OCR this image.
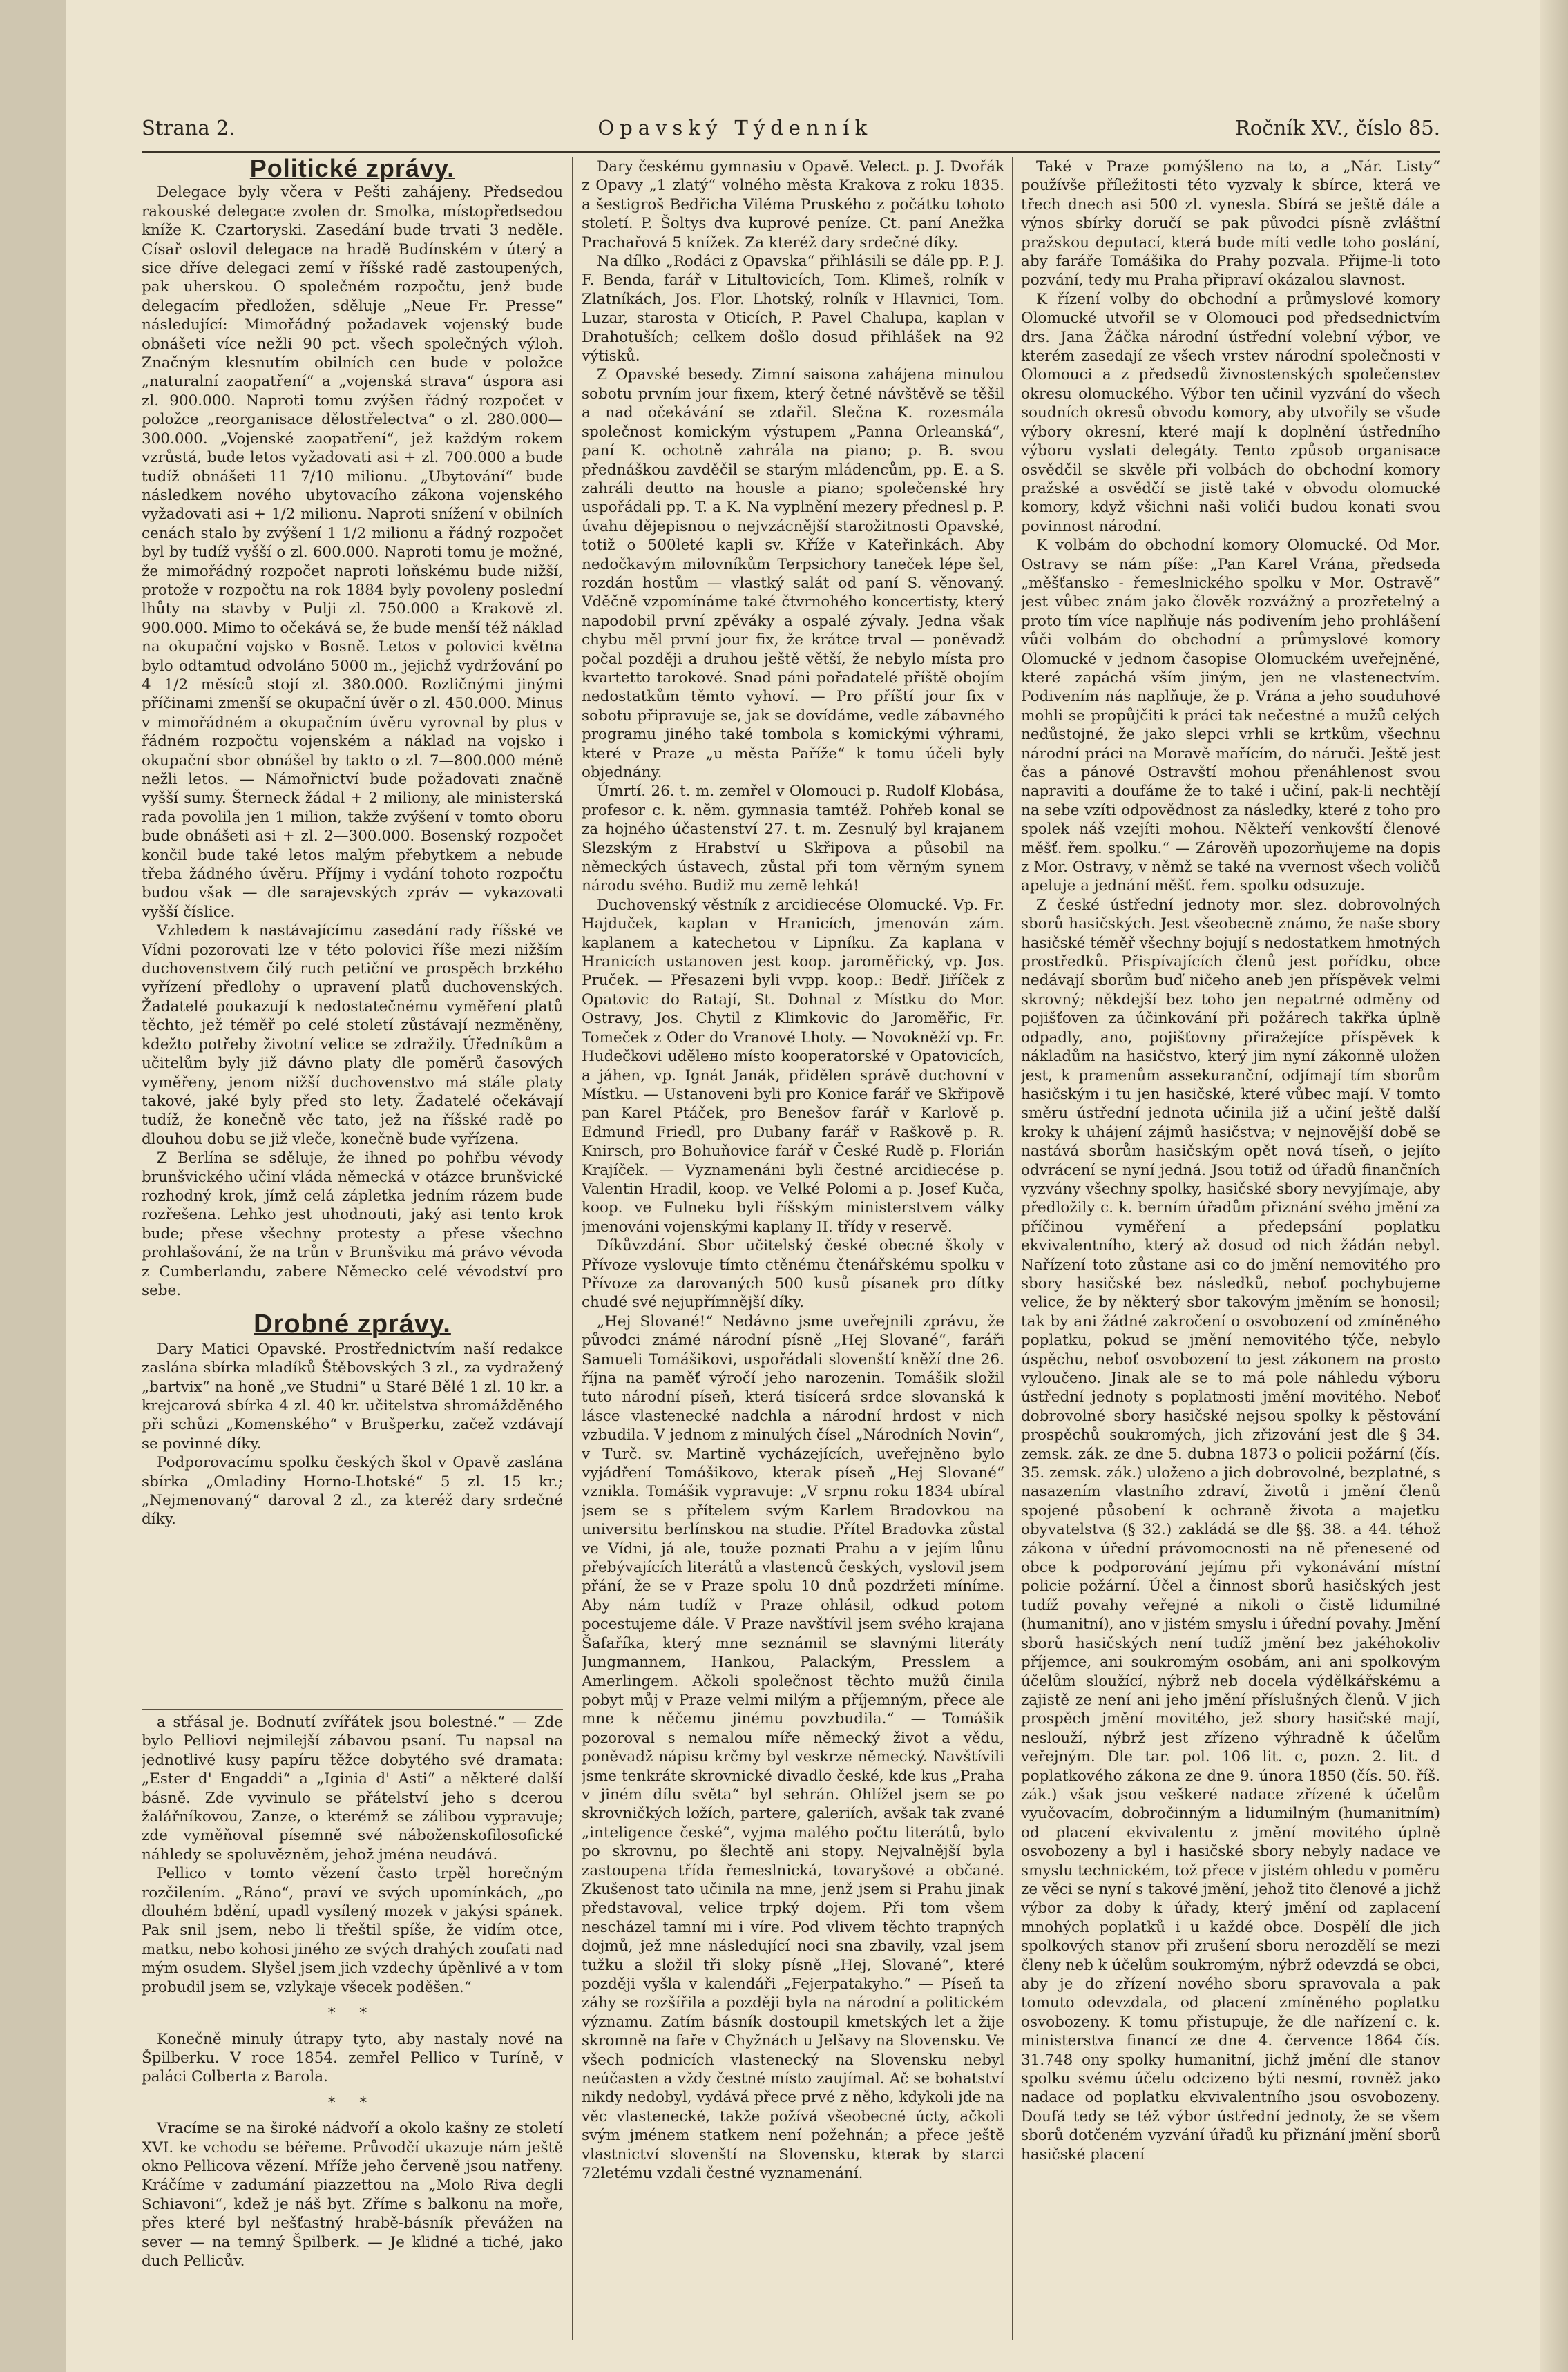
Strana 2.	Opavský Týdenník	Ročník XV., číslo 85.
Politické zprávy.

Delegace byly včera v Pešti zahájeny. Předsedou rakouské delegace zvolen dr. Smolka, místopředsedou kníže K. Czartoryski. Zasedání bude trvati 3 neděle. Císař oslovil delegace na hradě Budínském v úterý a sice dříve delegaci zemí v říšské radě zastoupených, pak uherskou. O společném rozpočtu, jenž bude delegacím předložen, sděluje „Neue Fr. Presse“ následující: Mimořádný požadavek vojenský bude obnášeti více nežli 90 pct. všech společných výloh. Značným klesnutím obilních cen bude v položce „naturalní zaopatření“ a „vojenská strava“ úspora asi zl. 900.000. Naproti tomu zvýšen řádný rozpočet v položce „reorganisace dělostřelectva“ o zl. 280.000—300.000. „Vojenské zaopatření“, jež každým rokem vzrůstá, bude letos vyžadovati asi + zl. 700.000 a bude tudíž obnášeti 11 7/10 milionu. „Ubytování“ bude následkem nového ubytovacího zákona vojenského vyžadovati asi + 1/2 milionu. Naproti snížení v obilních cenách stalo by zvýšení 1 1/2 milionu a řádný rozpočet byl by tudíž vyšší o zl. 600.000. Naproti tomu je možné, že mimořádný rozpočet naproti loňskému bude nižší, protože v rozpočtu na rok 1884 byly povoleny poslední lhůty na stavby v Pulji zl. 750.000 a Krakově zl. 900.000. Mimo to očekává se, že bude menší též náklad na okupační vojsko v Bosně. Letos v polovici května bylo odtamtud odvoláno 5000 m., jejichž vydržování po 4 1/2 měsíců stojí zl. 380.000. Rozličnými jinými příčinami zmenší se okupační úvěr o zl. 450.000. Minus v mimořádném a okupačním úvěru vyrovnal by plus v řádném rozpočtu vojenském a náklad na vojsko i okupační sbor obnášel by takto o zl. 7—800.000 méně nežli letos. — Námořnictví bude požadovati značně vyšší sumy. Šterneck žádal + 2 miliony, ale ministerská rada povolila jen 1 milion, takže zvýšení v tomto oboru bude obnášeti asi + zl. 2—300.000. Bosenský rozpočet končil bude také letos malým přebytkem a nebude třeba žádného úvěru. Příjmy i vydání tohoto rozpočtu budou však — dle sarajevských zpráv — vykazovati vyšší číslice.

Vzhledem k nastávajícímu zasedání rady říšské ve Vídni pozorovati lze v této polovici říše mezi nižším duchovenstvem čilý ruch petiční ve prospěch brzkého vyřízení předlohy o upravení platů duchovenských. Žadatelé poukazují k nedostatečnému vyměření platů těchto, jež téměř po celé století zůstávají nezměněny, kdežto potřeby životní velice se zdražily. Úředníkům a učitelům byly již dávno platy dle poměrů časových vyměřeny, jenom nižší duchovenstvo má stále platy takové, jaké byly před sto lety. Žadatelé očekávají tudíž, že konečně věc tato, jež na říšské radě po dlouhou dobu se již vleče, konečně bude vyřízena.

Z Berlína se sděluje, že ihned po pohřbu vévody brunšvického učiní vláda německá v otázce brunšvické rozhodný krok, jímž celá zápletka jedním rázem bude rozřešena. Lehko jest uhodnouti, jaký asi tento krok bude; přese všechny protesty a přese všechno prohlašování, že na trůn v Brunšviku má právo vévoda z Cumberlandu, zabere Německo celé vévodství pro sebe.

Drobné zprávy.

Dary Matici Opavské. Prostřednictvím naší redakce zaslána sbírka mladíků Štěbovských 3 zl., za vydražený „bartvix“ na honě „ve Studni“ u Staré Bělé 1 zl. 10 kr. a krejcarová sbírka 4 zl. 40 kr. učitelstva shromážděného při schůzi „Komenského“ v Brušperku, začež vzdávají se povinné díky.

Podporovacímu spolku českých škol v Opavě zaslána sbírka „Omladiny Horno-Lhotské“ 5 zl. 15 kr.; „Nejmenovaný“ daroval 2 zl., za kteréž dary srdečné díky.

a střásal je. Bodnutí zvířátek jsou bolestné.“ — Zde bylo Pelliovi nejmilejší zábavou psaní. Tu napsal na jednotlivé kusy papíru těžce dobytého své dramata: „Ester d' Engaddi“ a „Iginia d' Asti“ a některé další básně. Zde vyvinulo se přátelství jeho s dcerou žalářníkovou, Zanze, o kterémž se zálibou vypravuje; zde vyměňoval písemně své náboženskofilosofické náhledy se spoluvězněm, jehož jména neudává.

Pellico v tomto vězení často trpěl horečným rozčilením. „Ráno“, praví ve svých upomínkách, „po dlouhém bdění, upadl vysílený mozek v jakýsi spánek. Pak snil jsem, nebo li třeštil spíše, že vidím otce, matku, nebo kohosi jiného ze svých drahých zoufati nad mým osudem. Slyšel jsem jich vzdechy úpěnlivé a v tom probudil jsem se, vzlykaje všecek poděšen.“

* *

Konečně minuly útrapy tyto, aby nastaly nové na Špilberku. V roce 1854. zemřel Pellico v Turíně, v paláci Colberta z Barola.

* *

Vracíme se na široké nádvoří a okolo kašny ze století XVI. ke vchodu se béřeme. Průvodčí ukazuje nám ještě okno Pellicova vězení. Mříže jeho červeně jsou natřeny. Kráčíme v zadumání piazzettou na „Molo Riva degli Schiavoni“, kdež je náš byt. Zříme s balkonu na moře, přes které byl nešťastný hrabě-básník převážen na sever — na temný Špilberk. — Je klidné a tiché, jako duch Pellicův.

Dary českému gymnasiu v Opavě. Velect. p. J. Dvořák z Opavy „1 zlatý“ volného města Krakova z roku 1835. a šestigroš Bedřicha Viléma Pruského z počátku tohoto století. P. Šoltys dva kuprové peníze. Ct. paní Anežka Prachařová 5 knížek. Za kteréž dary srdečné díky.

Na dílko „Rodáci z Opavska“ přihlásili se dále pp. P. J. F. Benda, farář v Litultovicích, Tom. Klimeš, rolník v Zlatníkách, Jos. Flor. Lhotský, rolník v Hlavnici, Tom. Luzar, starosta v Oticích, P. Pavel Chalupa, kaplan v Drahotuších; celkem došlo dosud přihlášek na 92 výtisků.

Z Opavské besedy. Zimní saisona zahájena minulou sobotu prvním jour fixem, který četné návštěvě se těšil a nad očekávání se zdařil. Slečna K. rozesmála společnost komickým výstupem „Panna Orleanská“, paní K. ochotně zahrála na piano; p. B. svou přednáškou zavděčil se starým mládencům, pp. E. a S. zahráli deutto na housle a piano; společenské hry uspořádali pp. T. a K. Na vyplnění mezery přednesl p. P. úvahu dějepisnou o nejvzácnější starožitnosti Opavské, totiž o 500leté kapli sv. Kříže v Kateřinkách. Aby nedočkavým milovníkům Terpsichory taneček lépe šel, rozdán hostům — vlastký salát od paní S. věnovaný. Vděčně vzpomínáme také čtvrnohého koncertisty, který napodobil první zpěváky a ospalé zývaly. Jedna však chybu měl první jour fix, že krátce trval — poněvadž počal později a druhou ještě větší, že nebylo místa pro kvartetto tarokové. Snad páni pořadatelé příště obojím nedostatkům těmto vyhoví. — Pro příští jour fix v sobotu připravuje se, jak se dovídáme, vedle zábavného programu jiného také tombola s komickými výhrami, které v Praze „u města Paříže“ k tomu účeli byly objednány.

Úmrtí. 26. t. m. zemřel v Olomouci p. Rudolf Klobása, profesor c. k. něm. gymnasia tamtéž. Pohřeb konal se za hojného účastenství 27. t. m. Zesnulý byl krajanem Slezským z Hrabství u Skřipova a působil na německých ústavech, zůstal při tom věrným synem národu svého. Budiž mu země lehká!

Duchovenský věstník z arcidiecése Olomucké. Vp. Fr. Hajduček, kaplan v Hranicích, jmenován zám. kaplanem a katechetou v Lipníku. Za kaplana v Hranicích ustanoven jest koop. jaroměřický, vp. Jos. Pruček. — Přesazeni byli vvpp. koop.: Bedř. Jiříček z Opatovic do Ratají, St. Dohnal z Místku do Mor. Ostravy, Jos. Chytil z Klimkovic do Jaroměřic, Fr. Tomeček z Oder do Vranové Lhoty. — Novokněží vp. Fr. Hudečkovi udělено místo kooperatorské v Opatovicích, a jáhen, vp. Ignát Janák, přidělen správě duchovní v Místku. — Ustanoveni byli pro Konice farář ve Skřipově pan Karel Ptáček, pro Benešov farář v Karlově p. Edmund Friedl, pro Dubany farář v Raškově p. R. Knirsch, pro Bohuňovice farář v České Rudě p. Florián Krajíček. — Vyznamenáni byli čestné arcidiecése p. Valentin Hradil, koop. ve Velké Polomi a p. Josef Kuča, koop. ve Fulneku byli říšským ministerstvem války jmenováni vojenskými kaplany II. třídy v reservě.

Díkůvzdání. Sbor učitelský české obecné školy v Přívoze vyslovuje tímto ctěnému čtenářskému spolku v Přívoze za darovaných 500 kusů písanek pro dítky chudé své nejupřímnější díky.

„Hej Slované!“ Nedávno jsme uveřejnili zprávu, že původci známé národní písně „Hej Slované“, faráři Samueli Tomášikovi, uspořádali slovenští kněží dne 26. října na paměť výročí jeho narozenin. Tomášik složil tuto národní píseň, která tisícerá srdce slovanská k lásce vlastenecké nadchla a národní hrdost v nich vzbudila. V jednom z minulých čísel „Národních Novin“, v Turč. sv. Martině vycházejících, uveřejněno bylo vyjádření Tomášikovo, kterak píseň „Hej Slované“ vznikla. Tomášik vypravuje: „V srpnu roku 1834 ubíral jsem se s přítelem svým Karlem Bradovkou na universitu berlínskou na studie. Přítel Bradovka zůstal ve Vídni, já ale, touže poznati Prahu a v jejím lůnu přebývajících literátů a vlastenců českých, vyslovil jsem přání, že se v Praze spolu 10 dnů pozdržeti míníme. Aby nám tudíž v Praze ohlásil, odkud potom pocestujeme dále. V Praze navštívil jsem svého krajana Šafaříka, který mne seznámil se slavnými literáty Jungmannem, Hankou, Palackým, Presslem a Amerlingem. Ačkoli společnost těchto mužů činila pobyt můj v Praze velmi milým a příjemným, přece ale mne k něčemu jinému povzbudila.“ — Tomášik pozoroval s nemalou míře německý život a vědu, poněvadž nápisu krčmy byl veskrze německý. Navštívili jsme tenkráte skrovnické divadlo české, kde kus „Praha v jiném dílu světa“ byl sehrán. Ohlížel jsem se po skrovničkých ložích, partere, galeriích, avšak tak zvané „inteligence české“, vyjma malého počtu literátů, bylo po skrovnu, po šlechtě ani stopy. Nejvalnější byla zastoupena třída řemeslnická, tovaryšové a občané. Zkušenost tato učinila na mne, jenž jsem si Prahu jinak představoval, velice trpký dojem. Při tom všem nescházel tamní mi i víre. Pod vlivem těchto trapných dojmů, jež mne následující noci sna zbavily, vzal jsem tužku a složil tři sloky písně „Hej, Slované“, které později vyšla v kalendáři „Fejerpatakyho.“ — Píseň ta záhy se rozšířila a později byla na národní a politickém významu. Zatím básník dostoupil kmetských let a žije skromně na faře v Chyžnách u Jelšavy na Slovensku. Ve všech podnicích vlastenecký na Slovensku nebyl neúčasten a vždy čestné místo zaujímal. Ač se bohatství nikdy nedobyl, vydává přece prvé z něho, kdykoli jde na věc vlastenecké, takže požívá všeobecné úcty, ačkoli svým jménem statkem není požehnán; a přece ještě vlastnictví slovenští na Slovensku, kterak by starci 72letému vzdali čestné vyznamenání.

Také v Praze pomýšleno na to, a „Nár. Listy“ používše příležitosti této vyzvaly k sbírce, která ve třech dnech asi 500 zl. vynesla. Sbírá se ještě dále a výnos sbírky doručí se pak původci písně zvláštní pražskou deputací, která bude míti vedle toho poslání, aby faráře Tomášika do Prahy pozvala. Přijme-li toto pozvání, tedy mu Praha připraví okázalou slavnost.

K řízení volby do obchodní a průmyslové komory Olomucké utvořil se v Olomouci pod předsednictvím drs. Jana Žáčka národní ústřední volební výbor, ve kterém zasedají ze všech vrstev národní společnosti v Olomouci a z předsedů živnostenských společenstev okresu olomuckého. Výbor ten učinil vyzvání do všech soudních okresů obvodu komory, aby utvořily se všude výbory okresní, které mají k doplnění ústředního výboru vyslati delegáty. Tento způsob organisace osvědčil se skvěle při volbách do obchodní komory pražské a osvědčí se jistě také v obvodu olomucké komory, když všichni naši voliči budou konati svou povinnost národní.

K volbám do obchodní komory Olomucké. Od Mor. Ostravy se nám píše: „Pan Karel Vrána, předseda „měšťansko - řemeslnického spolku v Mor. Ostravě“ jest vůbec znám jako člověk rozvážný a prozřetelný a proto tím více naplňuje nás podivením jeho prohlášení vůči volbám do obchodní a průmyslové komory Olomucké v jednom časopise Olomuckém uveřejněné, které zapáchá vším jiným, jen ne vlastenectvím. Podivením nás naplňuje, že p. Vrána a jeho souduhové mohli se propůjčiti k práci tak nečestné a mužů celých nedůstojné, že jako slepci vrhli se krtkům, všechnu národní práci na Moravě mařícím, do náruči. Ještě jest čas a pánové Ostravští mohou přenáhlenost svou napraviti a doufáme že to také i učiní, pak-li nechtějí na sebe vzíti odpovědnost za následky, které z toho pro spolek náš vzejíti mohou. Někteří venkovští členové měšť. řem. spolku.“ — Zárověň upozorňujeme na dopis z Mor. Ostravy, v němž se také na vvernost všech voličů apeluje a jednání měšť. řem. spolku odsuzuje.

Z české ústřední jednoty mor. slez. dobrovolných sborů hasičských. Jest všeobecně známo, že naše sbory hasičské téměř všechny bojují s nedostatkem hmotných prostředků. Přispívajících členů jest pořídku, obce nedávají sborům buď ničeho aneb jen příspěvek velmi skrovný; někdejší bez toho jen nepatrné odměny od pojišťoven za účinkování při požárech takřka úplně odpadly, ano, pojišťovny přiražejíce příspěvek k nákladům na hasičstvo, který jim nyní zákonně uložen jest, k pramenům assekuranční, odjímají tím sborům hasičským i tu jen hasičské, které vůbec mají. V tomto směru ústřední jednota učinila již a učiní ještě další kroky k uhájení zájmů hasičstva; v nejnovější době se nastává sborům hasičským opět nová tíseň, o jejíto odvrácení se nyní jedná. Jsou totiž od úřadů finančních vyzvány všechny spolky, hasičské sbory nevyjímaje, aby předložily c. k. berním úřadům přiznání svého jmění za příčinou vyměření a předepsání poplatku ekvivalentního, který až dosud od nich žádán nebyl. Nařízení toto zůstane asi co do jmění nemovitého pro sbory hasičské bez následků, neboť pochybujeme velice, že by některý sbor takovým jměním se honosil; tak by ani žádné zakročení o osvobození od zmíněného poplatku, pokud se jmění nemovitého týče, nebylo úspěchu, neboť osvobození to jest zákonem na prosto vyloučeno. Jinak ale se to má pole náhledu výboru ústřední jednoty s poplatnosti jmění movitého. Neboť dobrovolné sbory hasičské nejsou spolky k pěstování prospěchů soukromých, jich zřizování jest dle § 34. zemsk. zák. ze dne 5. dubna 1873 o policii požární (čís. 35. zemsk. zák.) uloženo a jich dobrovolné, bezplatné, s nasazením vlastního zdraví, životů i jmění členů spojené působení k ochraně života a majetku obyvatelstva (§ 32.) zakládá se dle §§. 38. a 44. téhož zákona v úřední právomocnosti na ně přenesené od obce k podporování jejímu při vykonávání místní policie požární. Účel a činnost sborů hasičských jest tudíž povahy veřejné a nikoli o čistě lidumilné (humanitní), ano v jistém smyslu i úřední povahy. Jmění sborů hasičských není tudíž jmění bez jakéhokoliv příjemce, ani soukromým osobám, ani ani spolkovým účelům sloužící, nýbrž neb docela výdělkářskému a zajistě ze není ani jeho jmění příslušných členů. V jich prospěch jmění movitého, jež sbory hasičské mají, neslouží, nýbrž jest zřízeno výhradně k účelům veřejným. Dle tar. pol. 106 lit. c, pozn. 2. lit. d poplatkového zákona ze dne 9. února 1850 (čís. 50. říš. zák.) však jsou veškeré nadace zřízené k účelům vyučovacím, dobročinným a lidumilným (humanitním) od placení ekvivalentu z jmění movitého úplně osvobozeny a byl i hasičské sbory nebyly nadace ve smyslu technickém, tož přece v jistém ohledu v poměru ze věci se nyní s takové jmění, jehož tito členové a jichž výbor za doby k úřady, který jmění od zaplacení mnohých poplatků i u každé obce. Dospělí dle jich spolkových stanov při zrušení sboru nerozdělí se mezi členy neb k účelům soukromým, nýbrž odevzdá se obci, aby je do zřízení nového sboru spravovala a pak tomuto odevzdala, od placení zmíněného poplatku osvobozeny. K tomu přistupuje, že dle nařízení c. k. ministerstva financí ze dne 4. července 1864 čís. 31.748 ony spolky humanitní, jichž jmění dle stanov spolku svému účelu odcizeno býti nesmí, rovněž jako nadace od poplatku ekvivalentního jsou osvobozeny. Doufá tedy se též výbor ústřední jednoty, že se všem sborů dotčeném vyzvání úřadů ku přiznání jmění sborů hasičské placení
